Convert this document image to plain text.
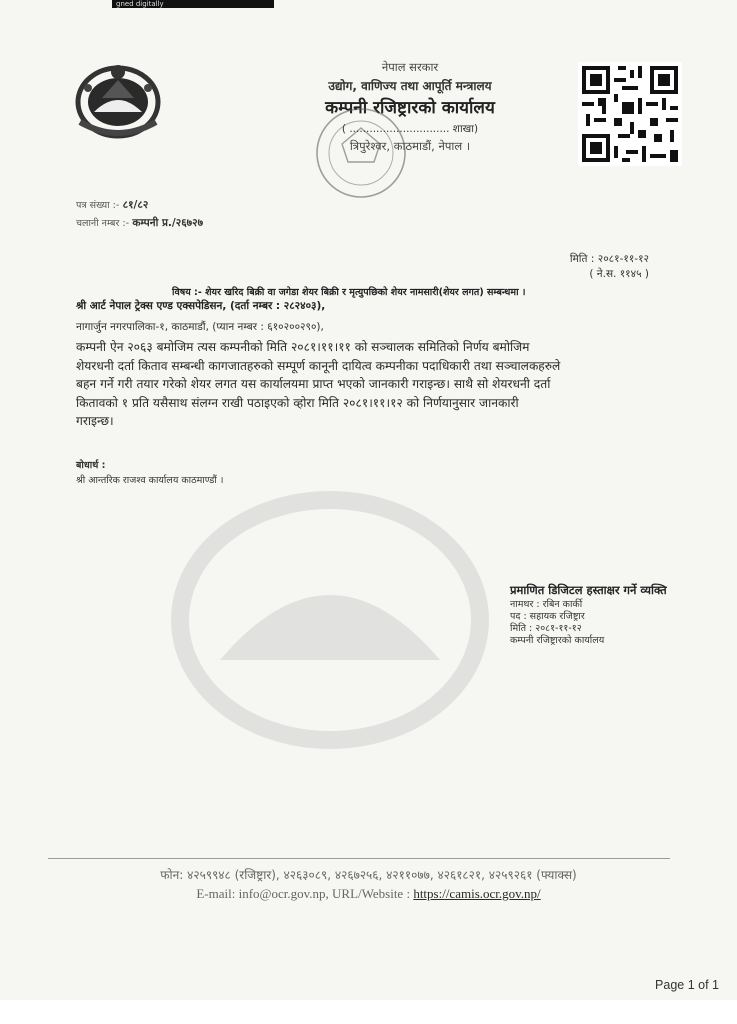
gned digitally
नेपाल सरकार
उद्योग, वाणिज्य तथा आपूर्ति मन्त्रालय
कम्पनी रजिष्ट्रारको कार्यालय
( .............................. शाखा)
त्रिपुरेश्वर, काठमाडौं, नेपाल ।
पत्र संख्या :- ८१/८२
चलानी नम्बर :- कम्पनी प्र./२६७२७
मिति : २०८१-११-१२
( ने.स. ११४५ )
विषय :- शेयर खरिद बिक्री वा जगेडा शेयर बिक्री र मृत्युपछिको शेयर नामसारी(शेयर लगत) सम्बन्धमा ।
श्री आर्ट नेपाल ट्रेक्स एण्ड एक्सपेडिसन, (दर्ता नम्बर : २८२४०३),
नागार्जुन नगरपालिका-१, काठमाडौं, (प्यान नम्बर : ६१०२००२९०),
कम्पनी ऐन २०६३ बमोजिम त्यस कम्पनीको मिति २०८१।११।११ को सञ्चालक समितिको निर्णय बमोजिम
शेयरधनी दर्ता किताव सम्बन्धी कागजातहरुको सम्पूर्ण कानूनी दायित्व कम्पनीका पदाधिकारी तथा सञ्चालकहरुले
बहन गर्ने गरी तयार गरेको शेयर लगत यस कार्यालयमा प्राप्त भएको जानकारी गराइन्छ। साथै सो शेयरधनी दर्ता
कितावको १ प्रति यसैसाथ संलग्न राखी पठाइएको व्होरा मिति २०८१।११।१२ को निर्णयानुसार जानकारी
गराइन्छ।
बोधार्थ :
श्री आन्तरिक राजश्व कार्यालय काठमाण्डौं ।
प्रमाणित डिजिटल हस्ताक्षर गर्ने व्यक्ति
नामथर : रबिन कार्की
पद : सहायक रजिष्ट्रार
मिति : २०८१-११-१२
कम्पनी रजिष्ट्रारको कार्यालय
फोन: ४२५९९४८ (रजिष्ट्रार), ४२६३०८९, ४२६७२५६, ४२११०७७, ४२६१८२१, ४२५९२६१ (फ्याक्स)
E-mail: info@ocr.gov.np, URL/Website : https://camis.ocr.gov.np/
Page 1 of 1
